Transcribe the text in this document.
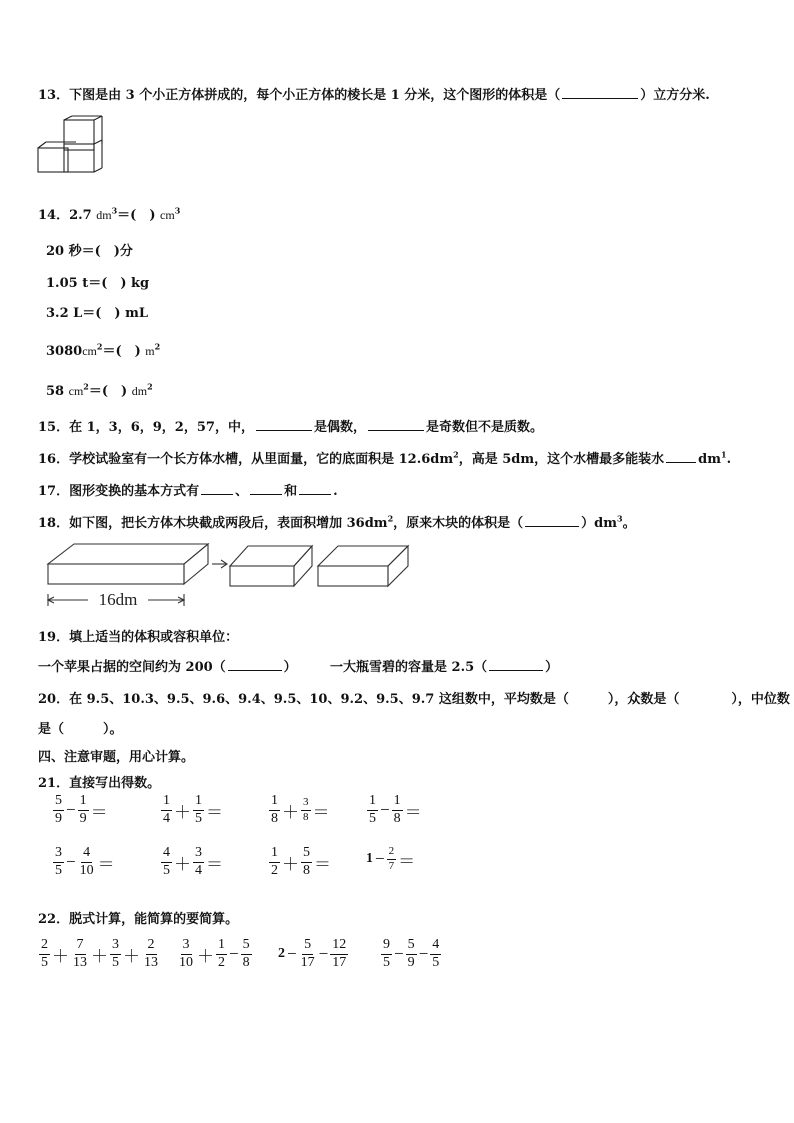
13．下图是由 3 个小正方体拼成的，每个小正方体的棱长是 1 分米，这个图形的体积是（	）立方分米.
14．2.7 $dm^3=$(　) $cm^3$
20 秒＝(　)分
1.05 t＝(　) kg
3.2 L＝(　) mL
$3080cm^2=$(　) $m^2$
58 $cm^2=$(　) $dm^2$
15．在 1，3，6，9，2，57，中，	是偶数，	是奇数但不是质数。
16．学校试验室有一个长方体水槽，从里面量，它的底面积是 $12.6dm^2$，高是 5dm，这个水槽最多能装水	$dm^1$.
17．图形变换的基本方式有	、	和	.
18．如下图，把长方体木块截成两段后，表面积增加 $36dm^2$，原来木块的体积是（	）$dm^3$。
16dm
19．填上适当的体积或容积单位：
一个苹果占据的空间约为 200（	）	一大瓶雪碧的容量是 2.5（	）
20．在 9.5、10.3、9.5、9.6、9.4、9.5、10、9.2、9.5、9.7 这组数中，平均数是（　　　），众数是（　　　　），中位数
是（　　　）。
四、注意审题，用心计算。
21．直接写出得数。
$\frac{5}{9} - \frac{1}{9}$ ＝	$\frac{1}{4} + \frac{1}{5}$ ＝	$\frac{1}{8} + \frac{3}{8}$ ＝	$\frac{1}{5} - \frac{1}{8}$ ＝
$\frac{3}{5} - \frac{4}{10}$ ＝	$\frac{4}{5} + \frac{3}{4}$ ＝	$\frac{1}{2} + \frac{5}{8}$ ＝	$1 - \frac{2}{7}$ ＝
22．脱式计算，能简算的要简算。
$\frac{2}{5} + \frac{7}{13} + \frac{3}{5} + \frac{2}{13} \frac{3}{10} + \frac{1}{2} - \frac{5}{8} 2 - \frac{5}{17} - \frac{12}{17} \frac{9}{5} - \frac{5}{9} - \frac{4}{5}$
